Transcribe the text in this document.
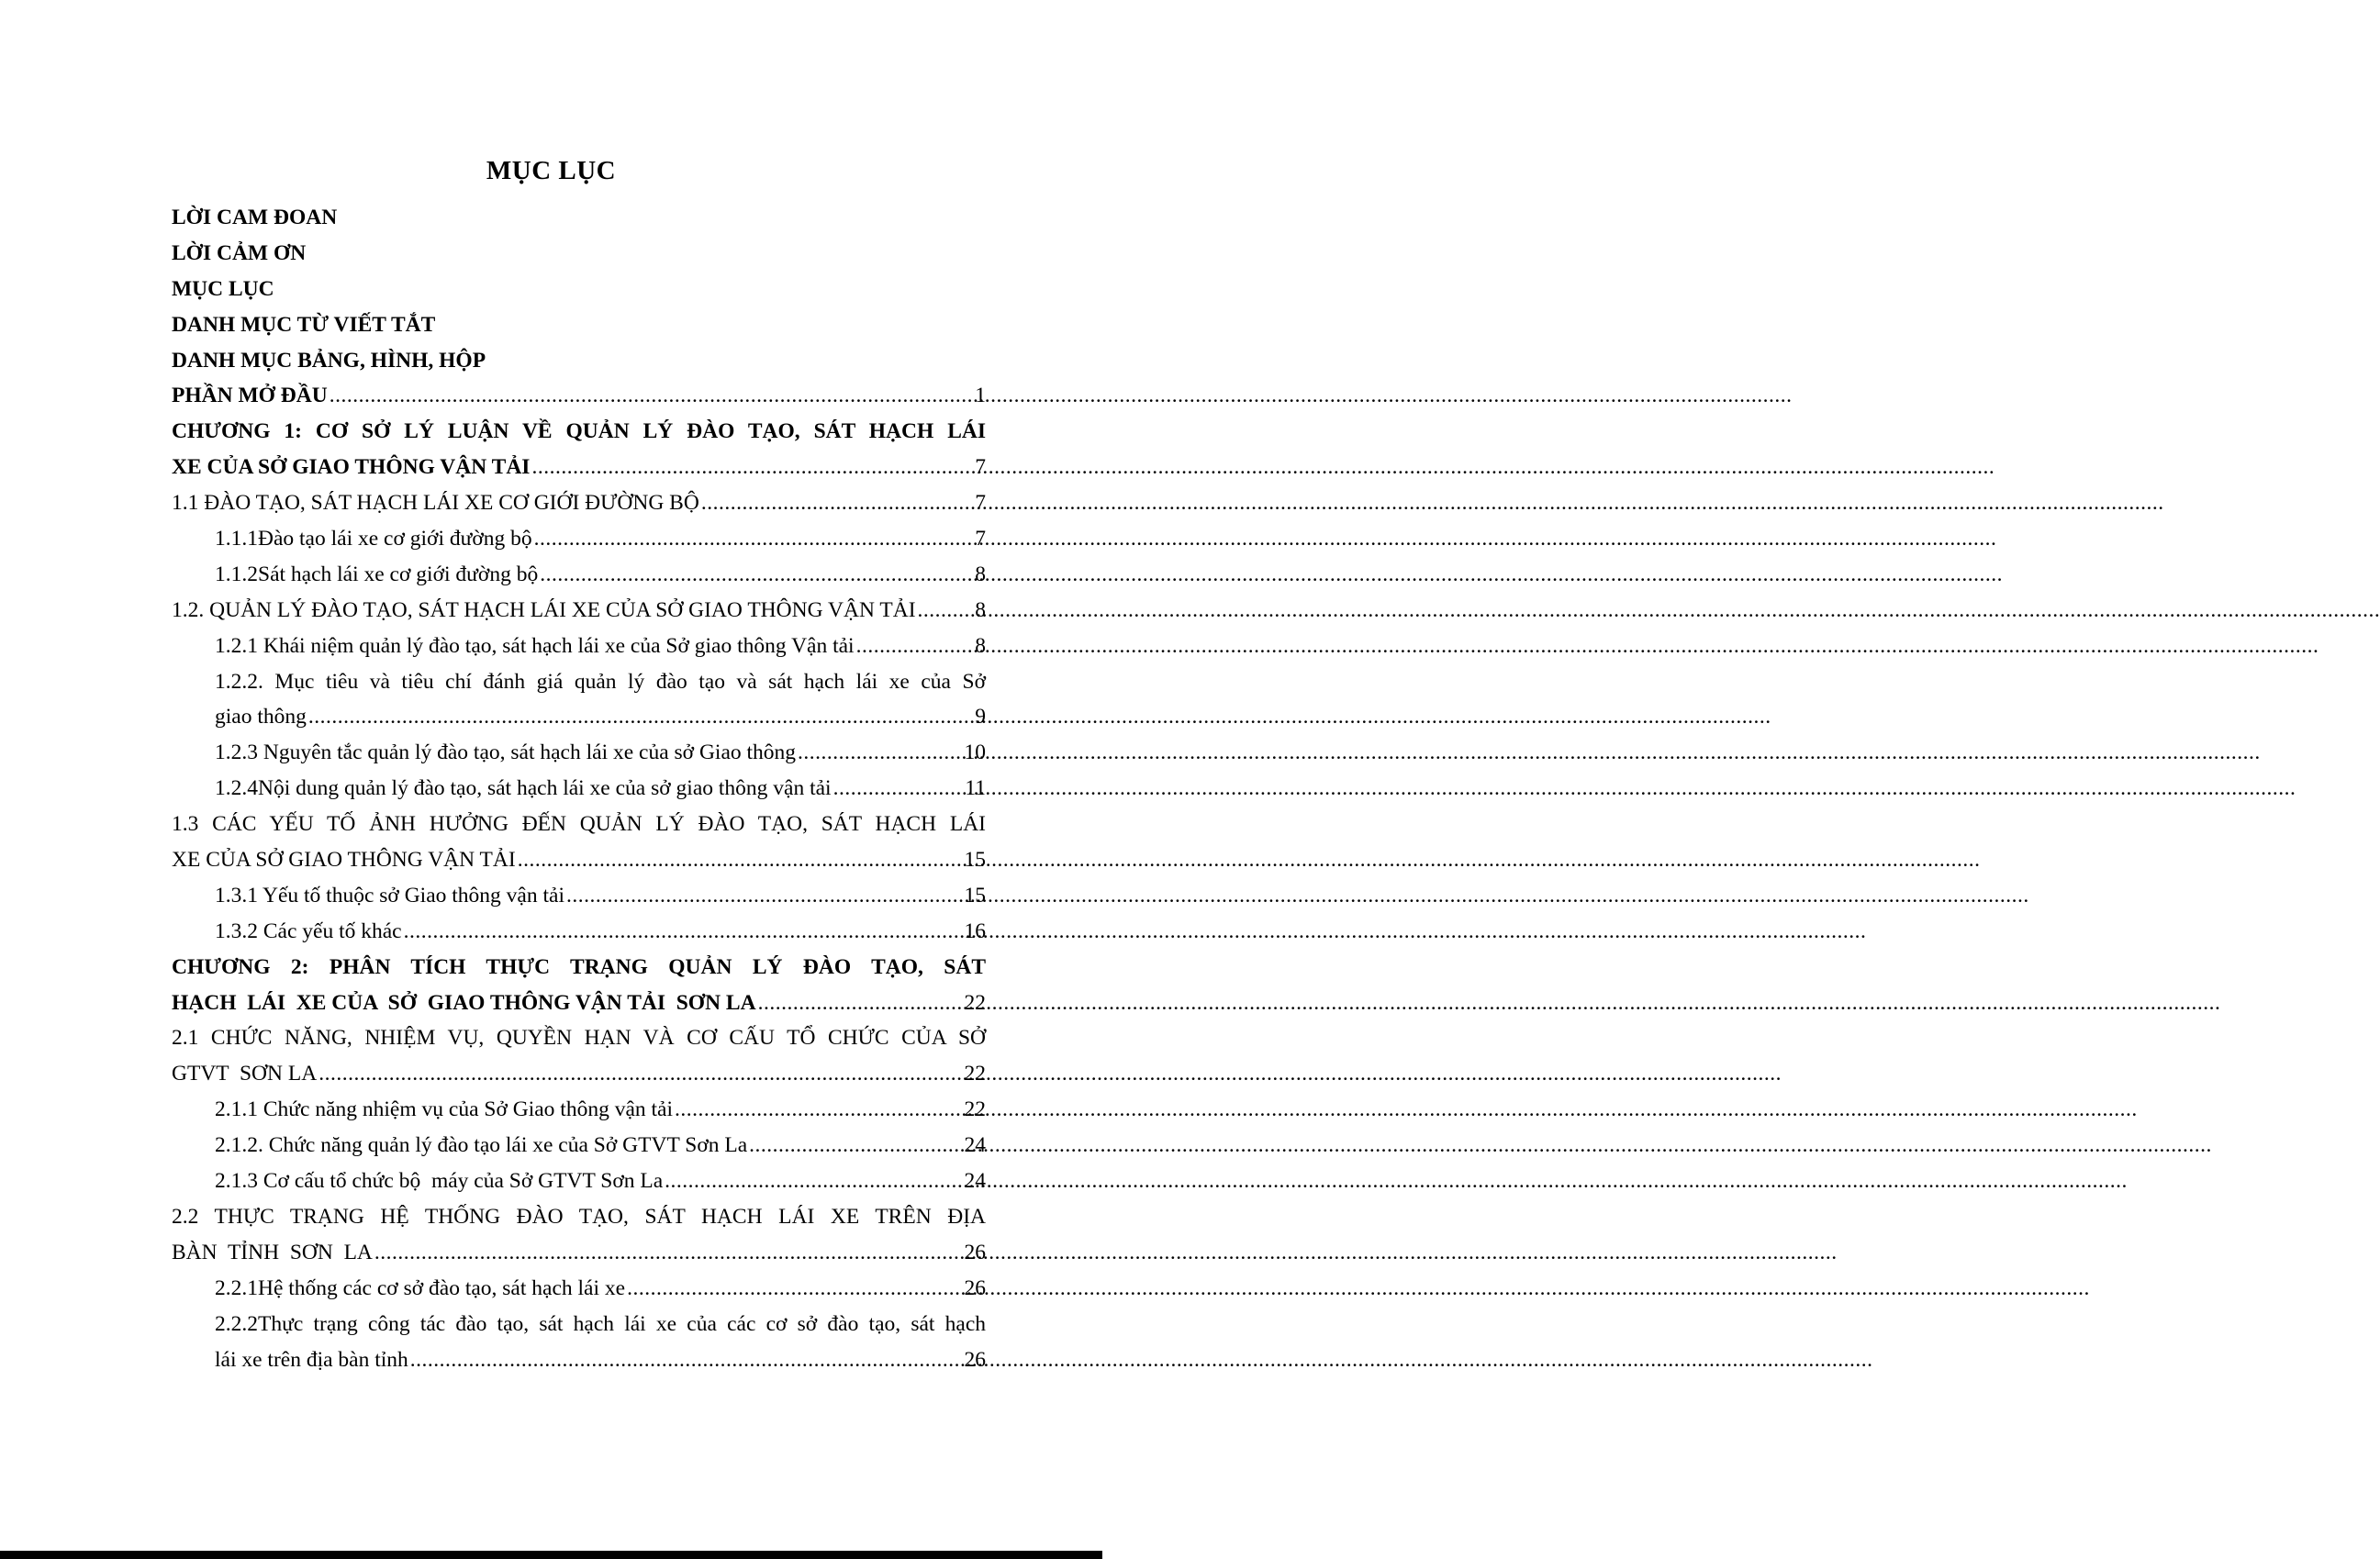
MỤC LỤC
LỜI CAM ĐOAN
LỜI CẢM ƠN
MỤC LỤC
DANH MỤC TỪ VIẾT TẮT
DANH MỤC BẢNG, HÌNH, HỘP
PHẦN MỞ ĐẦU .....	1
CHƯƠNG 1: CƠ SỞ LÝ LUẬN VỀ QUẢN LÝ ĐÀO TẠO, SÁT HẠCH LÁI
XE CỦA SỞ GIAO THÔNG VẬN TẢI .....	7
1.1 ĐÀO TẠO, SÁT HẠCH LÁI XE CƠ GIỚI ĐƯỜNG BỘ .....	7
1.1.1Đào tạo lái xe cơ giới đường bộ .....	7
1.1.2Sát hạch lái xe cơ giới đường bộ .....	8
1.2. QUẢN LÝ ĐÀO TẠO, SÁT HẠCH LÁI XE CỦA SỞ GIAO THÔNG VẬN TẢI .....	8
1.2.1 Khái niệm quản lý đào tạo, sát hạch lái xe của Sở giao thông Vận tải .....	8
1.2.2. Mục tiêu và tiêu chí đánh giá quản lý đào tạo và sát hạch lái xe của Sở
giao thông .....	9
1.2.3 Nguyên tắc quản lý đào tạo, sát hạch lái xe của sở Giao thông .....	10
1.2.4Nội dung quản lý đào tạo, sát hạch lái xe của sở giao thông vận tải .....	11
1.3 CÁC YẾU TỐ ẢNH HƯỞNG ĐẾN QUẢN LÝ ĐÀO TẠO, SÁT HẠCH LÁI
XE CỦA SỞ GIAO THÔNG VẬN TẢI .....	15
1.3.1 Yếu tố thuộc sở Giao thông vận tải .....	15
1.3.2 Các yếu tố khác .....	16
CHƯƠNG 2: PHÂN TÍCH THỰC TRẠNG QUẢN LÝ ĐÀO TẠO, SÁT
HẠCH  LÁI  XE CỦA  SỞ  GIAO THÔNG VẬN TẢI  SƠN LA .....	22
2.1 CHỨC NĂNG, NHIỆM VỤ, QUYỀN HẠN VÀ CƠ CẤU TỔ CHỨC CỦA SỞ
GTVT  SƠN LA .....	22
2.1.1 Chức năng nhiệm vụ của Sở Giao thông vận tải .....	22
2.1.2. Chức năng quản lý đào tạo lái xe của Sở GTVT Sơn La .....	24
2.1.3 Cơ cấu tổ chức bộ  máy của Sở GTVT Sơn La .....	24
2.2 THỰC TRẠNG HỆ THỐNG ĐÀO TẠO, SÁT HẠCH LÁI XE TRÊN ĐỊA
BÀN  TỈNH  SƠN  LA .....	26
2.2.1Hệ thống các cơ sở đào tạo, sát hạch lái xe .....	26
2.2.2Thực trạng công tác đào tạo, sát hạch lái xe của các cơ sở đào tạo, sát hạch
lái xe trên địa bàn tỉnh .....	26
